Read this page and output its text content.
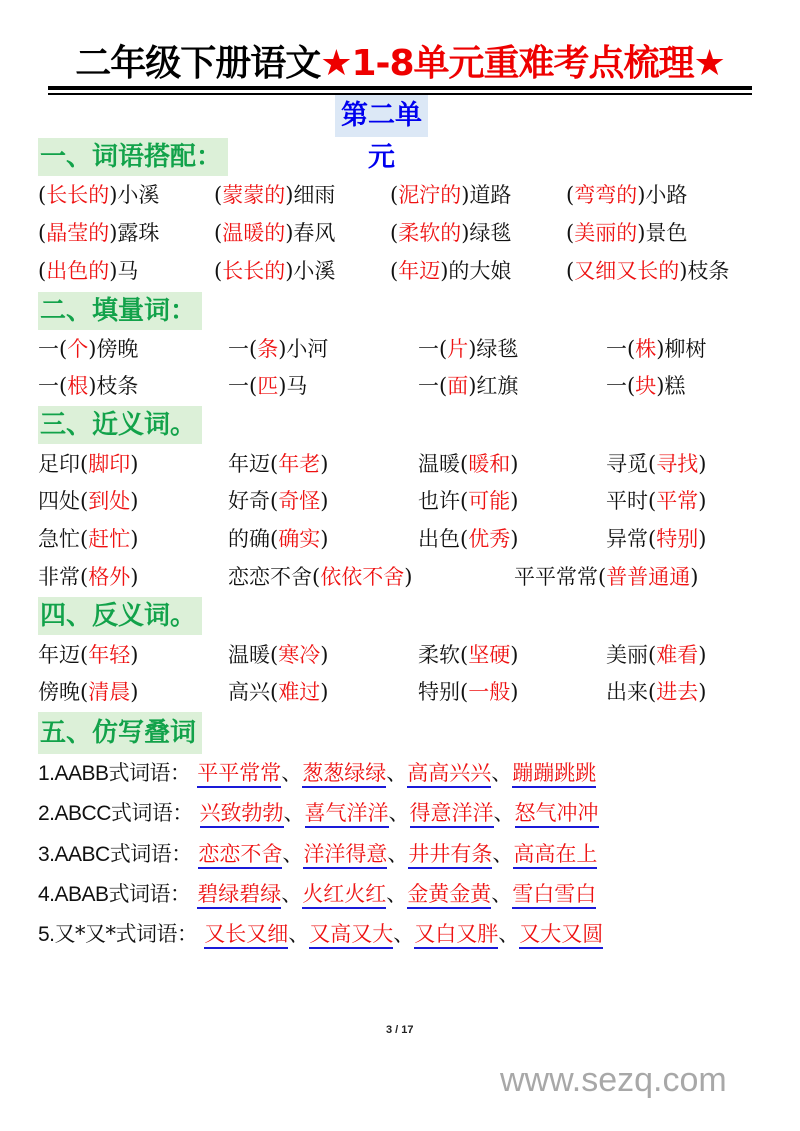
二年级下册语文★1-8单元重难考点梳理★
第二单元
一、词语搭配：
(长长的)小溪	(蒙蒙的)细雨	(泥泞的)道路	(弯弯的)小路
(晶莹的)露珠	(温暖的)春风	(柔软的)绿毯	(美丽的)景色
(出色的)马	(长长的)小溪	(年迈)的大娘	(又细又长的)枝条
二、填量词：
一(个)傍晚	一(条)小河	一(片)绿毯	一(株)柳树
一(根)枝条	一(匹)马	一(面)红旗	一(块)糕
三、近义词。
足印(脚印)	年迈(年老)	温暖(暖和)	寻觅(寻找)
四处(到处)	好奇(奇怪)	也许(可能)	平时(平常)
急忙(赶忙)	的确(确实)	出色(优秀)	异常(特别)
非常(格外)	恋恋不舍(依依不舍)	平平常常(普普通通)
四、反义词。
年迈(年轻)	温暖(寒冷)	柔软(坚硬)	美丽(难看)
傍晚(清晨)	高兴(难过)	特别(一般)	出来(进去)
五、仿写叠词
1.AABB式词语： 平平常常、葱葱绿绿、高高兴兴、蹦蹦跳跳
2.ABCC式词语： 兴致勃勃、喜气洋洋、得意洋洋、怒气冲冲
3.AABC式词语： 恋恋不舍、洋洋得意、井井有条、高高在上
4.ABAB式词语： 碧绿碧绿、火红火红、金黄金黄、雪白雪白
5.又*又*式词语： 又长又细、又高又大、又白又胖、又大又圆
3 / 17
www.sezq.com
